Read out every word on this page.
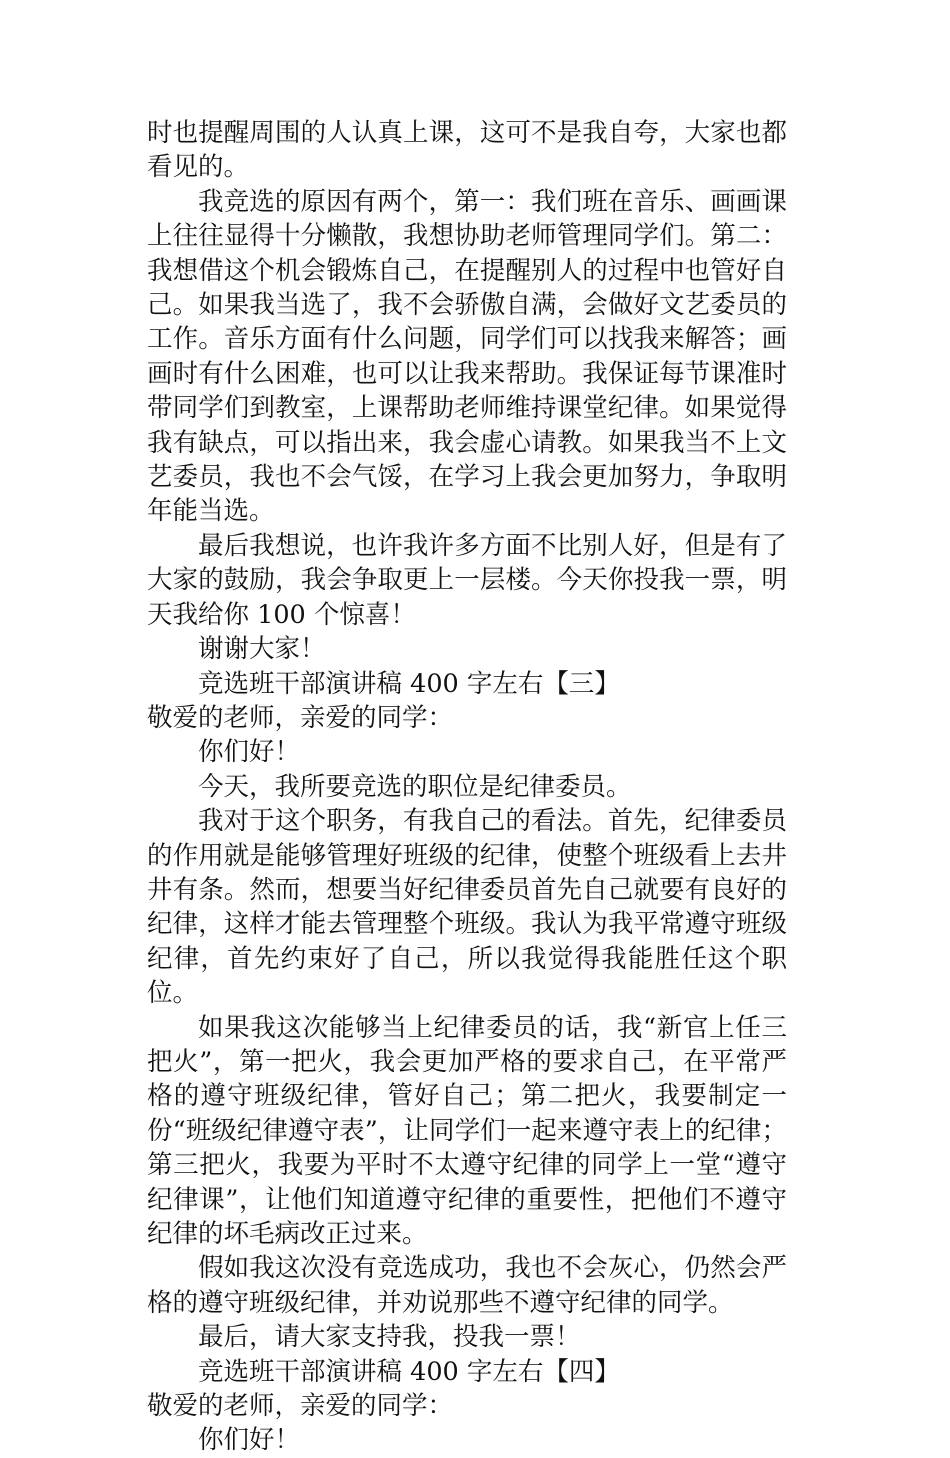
时也提醒周围的人认真上课，这可不是我自夸，大家也都看见的。

我竞选的原因有两个，第一：我们班在音乐、画画课上往往显得十分懒散，我想协助老师管理同学们。第二：我想借这个机会锻炼自己，在提醒别人的过程中也管好自己。如果我当选了，我不会骄傲自满，会做好文艺委员的工作。音乐方面有什么问题，同学们可以找我来解答；画画时有什么困难，也可以让我来帮助。我保证每节课准时带同学们到教室，上课帮助老师维持课堂纪律。如果觉得我有缺点，可以指出来，我会虚心请教。如果我当不上文艺委员，我也不会气馁，在学习上我会更加努力，争取明年能当选。

最后我想说，也许我许多方面不比别人好，但是有了大家的鼓励，我会争取更上一层楼。今天你投我一票，明天我给你 100 个惊喜！

谢谢大家！

竞选班干部演讲稿 400 字左右【三】

敬爱的老师，亲爱的同学：

你们好！

今天，我所要竞选的职位是纪律委员。

我对于这个职务，有我自己的看法。首先，纪律委员的作用就是能够管理好班级的纪律，使整个班级看上去井井有条。然而，想要当好纪律委员首先自己就要有良好的纪律，这样才能去管理整个班级。我认为我平常遵守班级纪律，首先约束好了自己，所以我觉得我能胜任这个职位。

如果我这次能够当上纪律委员的话，我“新官上任三把火”，第一把火，我会更加严格的要求自己，在平常严格的遵守班级纪律，管好自己；第二把火，我要制定一份“班级纪律遵守表”，让同学们一起来遵守表上的纪律；第三把火，我要为平时不太遵守纪律的同学上一堂“遵守纪律课”，让他们知道遵守纪律的重要性，把他们不遵守纪律的坏毛病改正过来。

假如我这次没有竞选成功，我也不会灰心，仍然会严格的遵守班级纪律，并劝说那些不遵守纪律的同学。

最后，请大家支持我，投我一票！

竞选班干部演讲稿 400 字左右【四】

敬爱的老师，亲爱的同学：

你们好！
